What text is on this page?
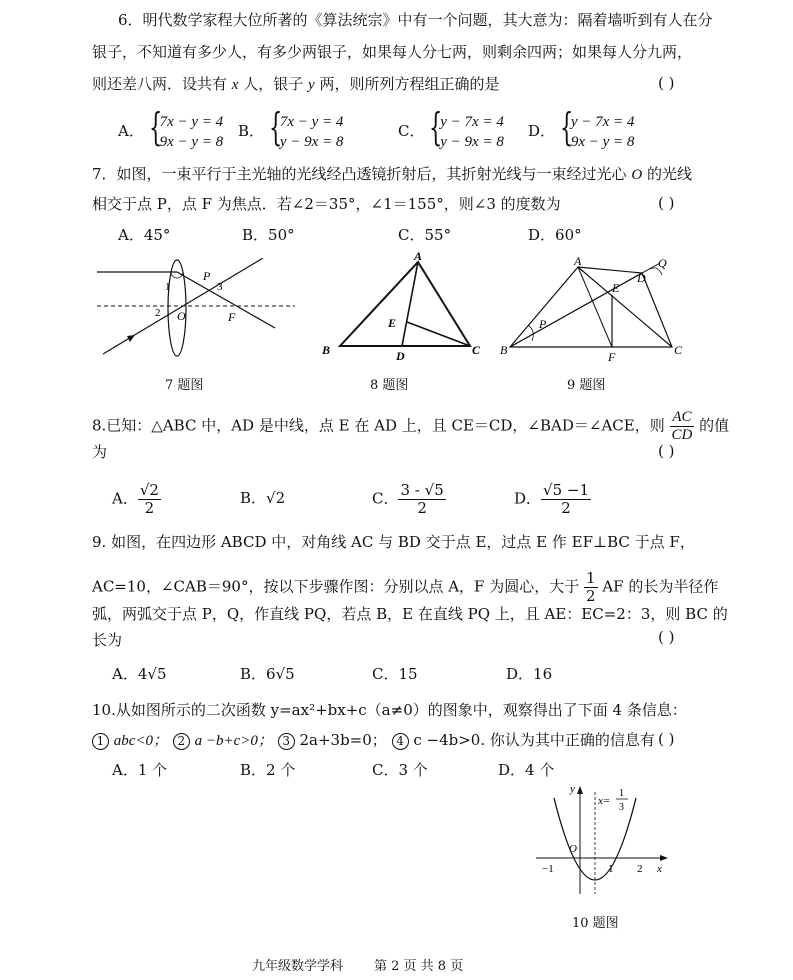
6．明代数学家程大位所著的《算法统宗》中有一个问题，其大意为：隔着墙听到有人在分
银子，不知道有多少人，有多少两银子，如果每人分七两，则剩余四两；如果每人分九两，
则还差八两．设共有 x 人，银子 y 两，则所列方程组正确的是	( )
A． {
7x − y = 4
9x − y = 8
B． {
7x − y = 4
y − 9x = 8
C． {
y − 7x = 4
y − 9x = 8
D． {
y − 7x = 4
9x − y = 8
7．如图，一束平行于主光轴的光线经凸透镜折射后，其折射光线与一束经过光心 O 的光线
相交于点 P，点 F 为焦点．若∠2＝35°，∠1＝155°，则∠3 的度数为	( )
A．45°	B．50°	C．55°	D．60°
P
1
2
3
O	F
7 题图
A
B	C
D
E
8 题图
A
B	C
D
E
F
P
Q
9 题图
8.已知：△ABC 中，AD 是中线，点 E 在 AD 上，且 CE＝CD，∠BAD＝∠ACE，则 $\frac{AC}{CD}$ 的值
为	( )
A． $\frac{√2}{2}$	B．√2	C． $\frac{3 - √5}{2}$	D． $\frac{√5 -1}{2}$
9. 如图，在四边形 ABCD 中，对角线 AC 与 BD 交于点 E，过点 E 作 EF⊥BC 于点 F，
AC=10，∠CAB＝90°，按以下步骤作图：分别以点 A，F 为圆心，大于 $\frac{1}{2}$ AF 的长为半径作
弧，两弧交于点 P，Q，作直线 PQ，若点 B，E 在直线 PQ 上，且 AE：EC=2：3，则 BC 的
长为	( )
A．4√5	B．6√5	C．15	D．16
10.从如图所示的二次函数 y=ax²+bx+c（a≠0）的图象中，观察得出了下面 4 条信息：
1 abc<0； 2 a −b+c>0； 3 2a+3b=0； 4 c −4b>0. 你认为其中正确的信息有 ( )
A．1 个	B．2 个	C．3 个	D．4 个
y
x
O
−1	1 2
x=
1
3
10 题图
九年级数学学科 第 2 页 共 8 页
